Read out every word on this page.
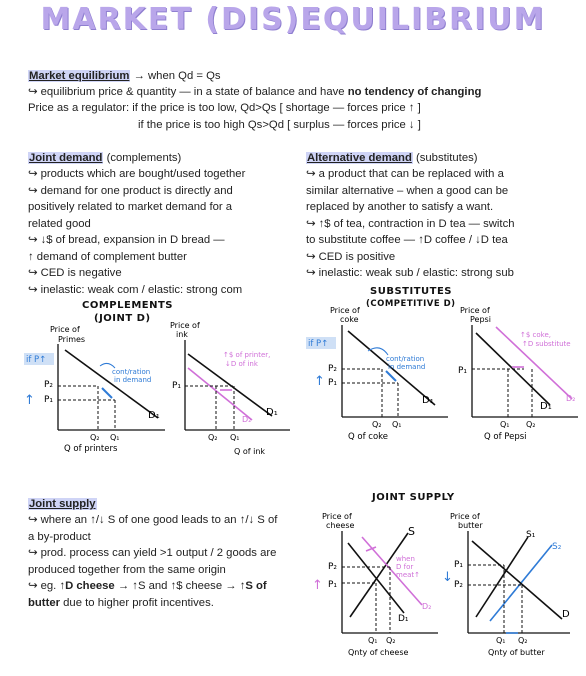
MARKET (DIS)EQUILIBRIUM
Market equilibrium → when Qd = Qs
↪ equilibrium price & quantity — in a state of balance and have no tendency of changing
Price as a regulator: if the price is too low, Qd>Qs [ shortage — forces price ↑ ]
if the price is too high Qs>Qd [ surplus — forces price ↓ ]
Joint demand (complements)
↪ products which are bought/used together
↪ demand for one product is directly and
positively related to market demand for a
related good
↪ ↓$ of bread, expansion in D bread —
↑ demand of complement butter
↪ CED is negative
↪ inelastic: weak com / elastic: strong com
Alternative demand (substitutes)
↪ a product that can be replaced with a
similar alternative – when a good can be
replaced by another to satisfy a want.
↪ ↑$ of tea, contraction in D tea — switch
to substitute coffee — ↑D coffee / ↓D tea
↪ CED is positive
↪ inelastic: weak sub / elastic: strong sub
COMPLEMENTS
(JOINT D)
Price of
Primes
if P↑
P₂
P₁
↑
cont/ration
in demand
D₁
Q₂ Q₁
Q of printers
Price of
ink
P₁
↑$ of printer,
↓D of ink
D₁
D₂
Q₂ Q₁
Q of ink
SUBSTITUTES
(COMPETITIVE D)
Price of
coke
if P↑
P₂
P₁
↑
cont/ration
in demand
D₁
Q₂ Q₁
Q of coke
Price of
Pepsi
P₁
↑$ coke,
↑D substitute
D₁
D₂
Q₁ Q₂
Q of Pepsi
Joint supply
↪ where an ↑/↓ S of one good leads to an ↑/↓ S of
a by-product
↪ prod. process can yield >1 output / 2 goods are
produced together from the same origin
↪ eg. ↑D cheese → ↑S and ↑$ cheese → ↑S of
butter due to higher profit incentives.
JOINT SUPPLY
Price of
cheese
P₂
P₁
↑
S
when
D for
meat↑
D₁
D₂
Q₁ Q₂
Qnty of cheese
Price of
butter
P₁
P₂
↓
S₁
S₂
D
Q₁ Q₂
Qnty of butter
